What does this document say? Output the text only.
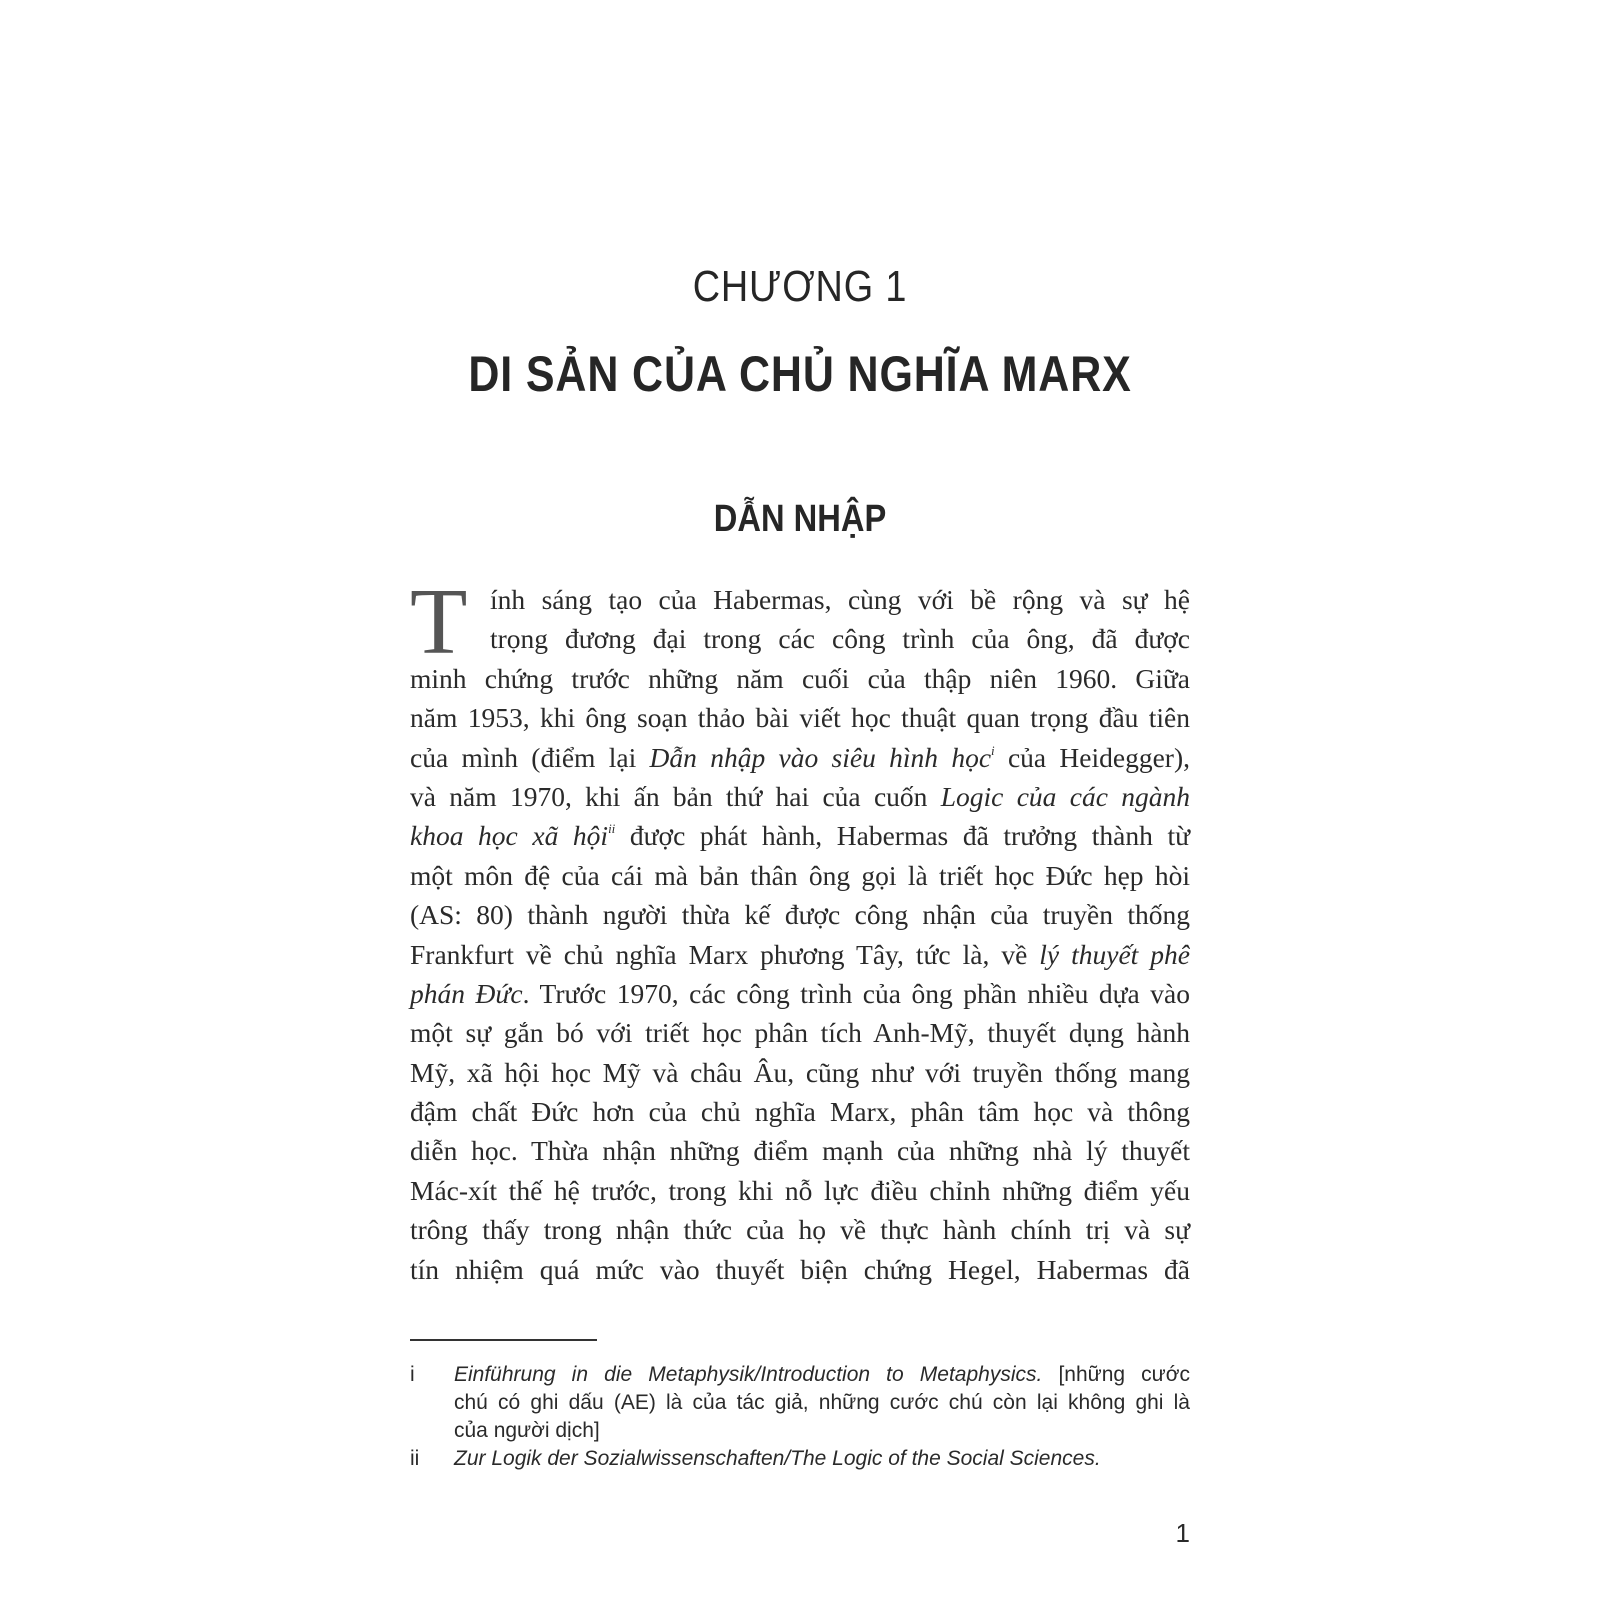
CHƯƠNG 1
DI SẢN CỦA CHỦ NGHĨA MARX
DẪN NHẬP
T ính sáng tạo của Habermas, cùng với bề rộng và sự hệ
trọng đương đại trong các công trình của ông, đã được
minh chứng trước những năm cuối của thập niên 1960. Giữa
năm 1953, khi ông soạn thảo bài viết học thuật quan trọng đầu tiên
của mình (điểm lại Dẫn nhập vào siêu hình học$^i$ của Heidegger),
và năm 1970, khi ấn bản thứ hai của cuốn Logic của các ngành
khoa học xã hội$^{ii}$ được phát hành, Habermas đã trưởng thành từ
một môn đệ của cái mà bản thân ông gọi là triết học Đức hẹp hòi
(AS: 80) thành người thừa kế được công nhận của truyền thống
Frankfurt về chủ nghĩa Marx phương Tây, tức là, về lý thuyết phê
phán Đức. Trước 1970, các công trình của ông phần nhiều dựa vào
một sự gắn bó với triết học phân tích Anh-Mỹ, thuyết dụng hành
Mỹ, xã hội học Mỹ và châu Âu, cũng như với truyền thống mang
đậm chất Đức hơn của chủ nghĩa Marx, phân tâm học và thông
diễn học. Thừa nhận những điểm mạnh của những nhà lý thuyết
Mác-xít thế hệ trước, trong khi nỗ lực điều chỉnh những điểm yếu
trông thấy trong nhận thức của họ về thực hành chính trị và sự
tín nhiệm quá mức vào thuyết biện chứng Hegel, Habermas đã
i	Einführung in die Metaphysik/Introduction to Metaphysics. [những cước
chú có ghi dấu (AE) là của tác giả, những cước chú còn lại không ghi là
của người dịch]
ii	Zur Logik der Sozialwissenschaften/The Logic of the Social Sciences.
1
